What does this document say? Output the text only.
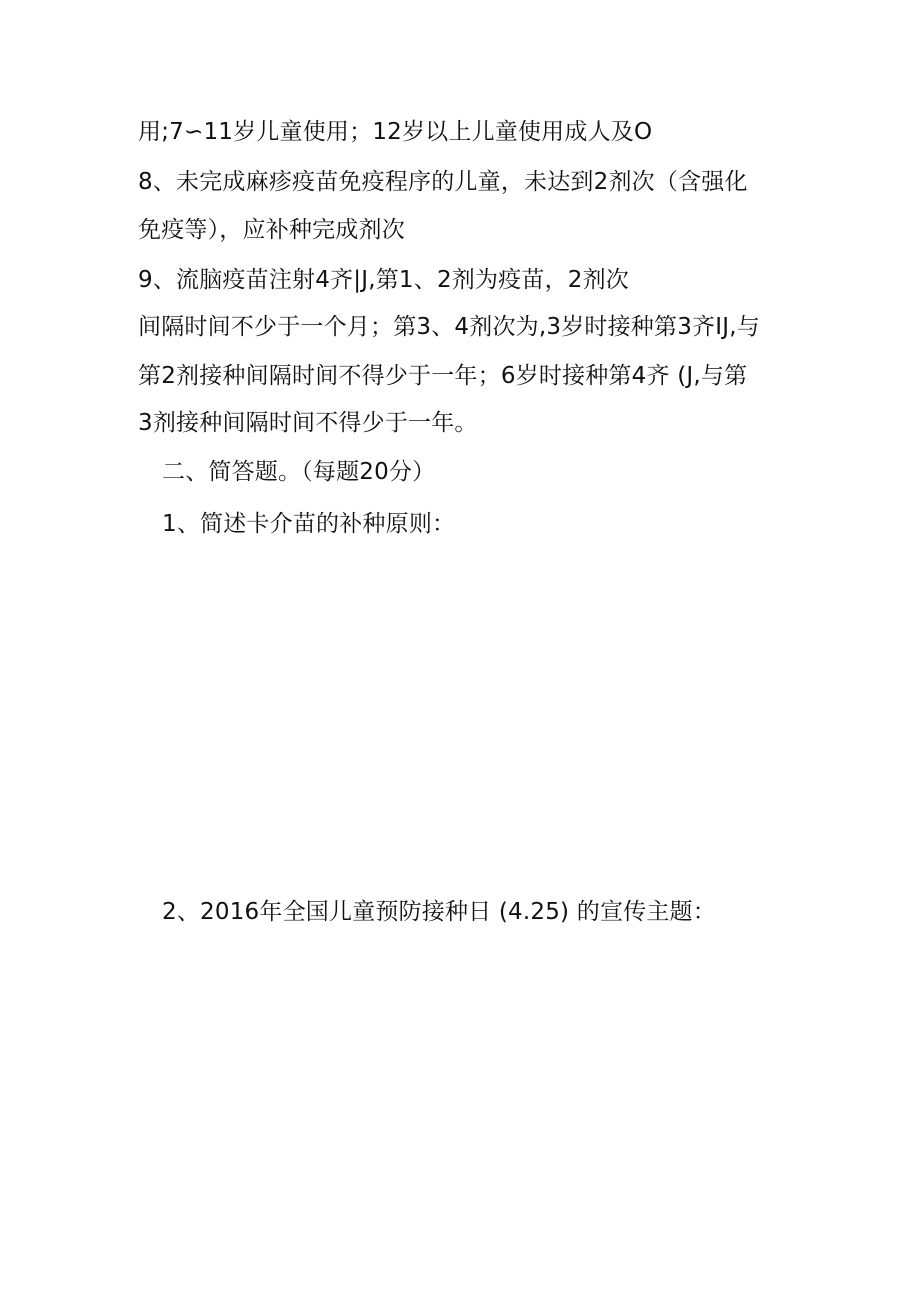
用;7∽11岁儿童使用；12岁以上儿童使用成人及O
8、未完成麻疹疫苗免疫程序的儿童，未达到2剂次（含强化
免疫等），应补种完成剂次
9、流脑疫苗注射4齐|J,第1、2剂为疫苗，2剂次
间隔时间不少于一个月；第3、4剂次为,3岁时接种第3齐IJ,与
第2剂接种间隔时间不得少于一年；6岁时接种第4齐 (J,与第
3剂接种间隔时间不得少于一年。
二、简答题。（每题20分）
1、简述卡介苗的补种原则：
2、2016年全国儿童预防接种日 (4.25) 的宣传主题：
